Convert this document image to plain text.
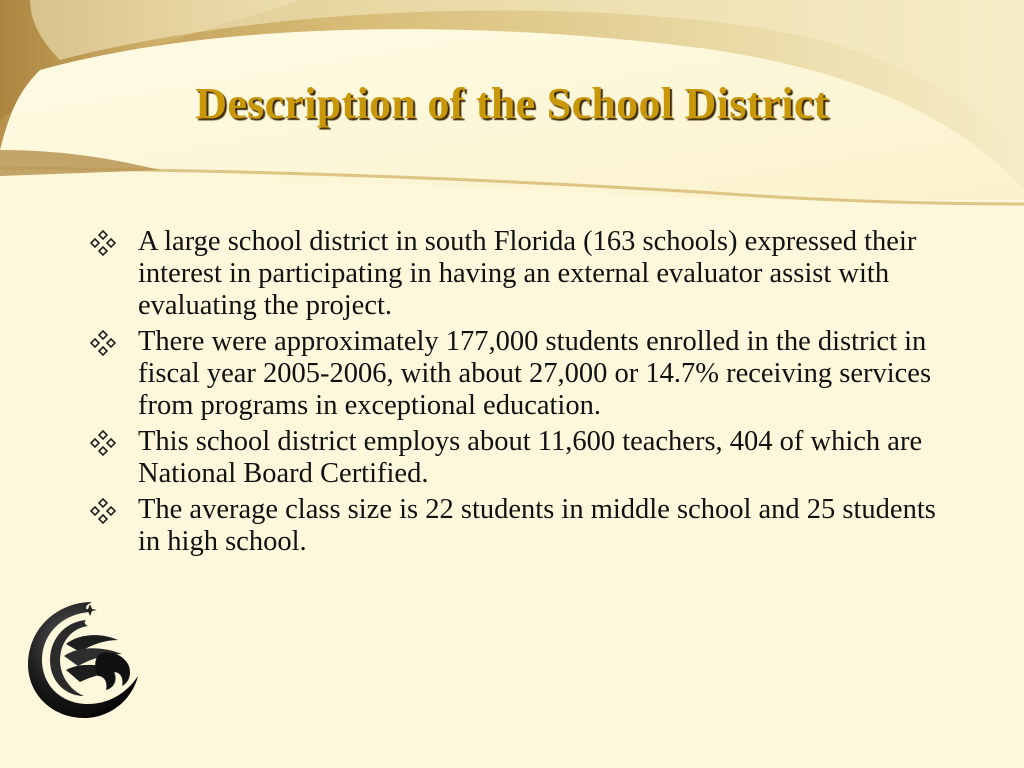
Description of the School District
A large school district in south Florida (163 schools) expressed their interest in participating in having an external evaluator assist with evaluating the project.
There were approximately 177,000 students enrolled in the district in fiscal year 2005-2006, with about 27,000 or 14.7% receiving services from programs in exceptional education.
This school district employs about 11,600 teachers, 404 of which are National Board Certified.
The average class size is 22 students in middle school and 25 students in high school.
